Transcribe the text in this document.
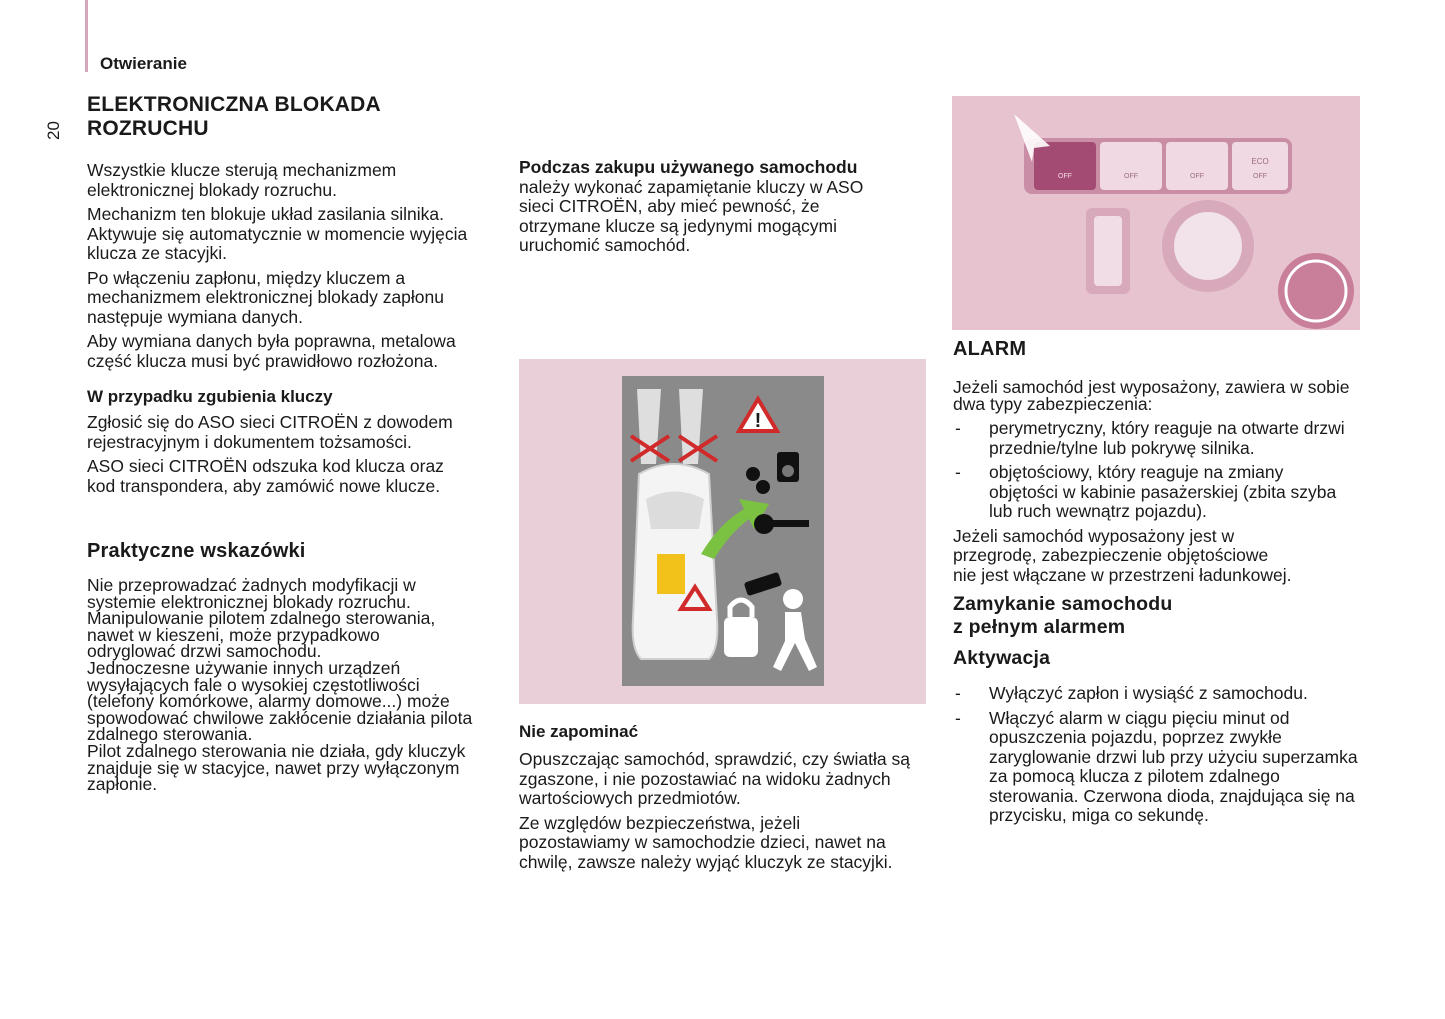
Otwieranie
20
ELEKTRONICZNA BLOKADA
ROZRUCHU

Wszystkie klucze sterują mechanizmem elektronicznej blokady rozruchu.

Mechanizm ten blokuje układ zasilania silnika. Aktywuje się automatycznie w momencie wyjęcia klucza ze stacyjki.

Po włączeniu zapłonu, między kluczem a mechanizmem elektronicznej blokady zapłonu następuje wymiana danych.

Aby wymiana danych była poprawna, metalowa część klucza musi być prawidłowo rozłożona.

W przypadku zgubienia kluczy

Zgłosić się do ASO sieci CITROËN z dowodem rejestracyjnym i dokumentem tożsamości.

ASO sieci CITROËN odszuka kod klucza oraz kod transpondera, aby zamówić nowe klucze.

Praktyczne wskazówki

Nie przeprowadzać żadnych modyfikacji w systemie elektronicznej blokady rozruchu.

Manipulowanie pilotem zdalnego sterowania, nawet w kieszeni, może przypadkowo odryglować drzwi samochodu.

Jednoczesne używanie innych urządzeń wysyłających fale o wysokiej częstotliwości (telefony komórkowe, alarmy domowe...) może spowodować chwilowe zakłócenie działania pilota zdalnego sterowania.

Pilot zdalnego sterowania nie działa, gdy kluczyk znajduje się w stacyjce, nawet przy wyłączonym zapłonie.

Podczas zakupu używanego samochodu należy wykonać zapamiętanie kluczy w ASO sieci CITROËN, aby mieć pewność, że otrzymane klucze są jedynymi mogącymi uruchomić samochód.

!
Nie zapominać

Opuszczając samochód, sprawdzić, czy światła są zgaszone, i nie pozostawiać na widoku żadnych wartościowych przedmiotów.

Ze względów bezpieczeństwa, jeżeli pozostawiamy w samochodzie dzieci, nawet na chwilę, zawsze należy wyjąć kluczyk ze stacyjki.

OFF	OFF	OFF
ECO
OFF
ALARM

Jeżeli samochód jest wyposażony, zawiera w sobie dwa typy zabezpieczenia:

- perymetryczny, który reaguje na otwarte drzwi przednie/tylne lub pokrywę silnika.
- objętościowy, który reaguje na zmiany objętości w kabinie pasażerskiej (zbita szyba lub ruch wewnątrz pojazdu).

Jeżeli samochód wyposażony jest w przegrodę, zabezpieczenie objętościowe nie jest włączane w przestrzeni ładunkowej.

Zamykanie samochodu
z pełnym alarmem
Aktywacja
- Wyłączyć zapłon i wysiąść z samochodu.
- Włączyć alarm w ciągu pięciu minut od opuszczenia pojazdu, poprzez zwykłe zaryglowanie drzwi lub przy użyciu superzamka za pomocą klucza z pilotem zdalnego sterowania. Czerwona dioda, znajdująca się na przycisku, miga co sekundę.
